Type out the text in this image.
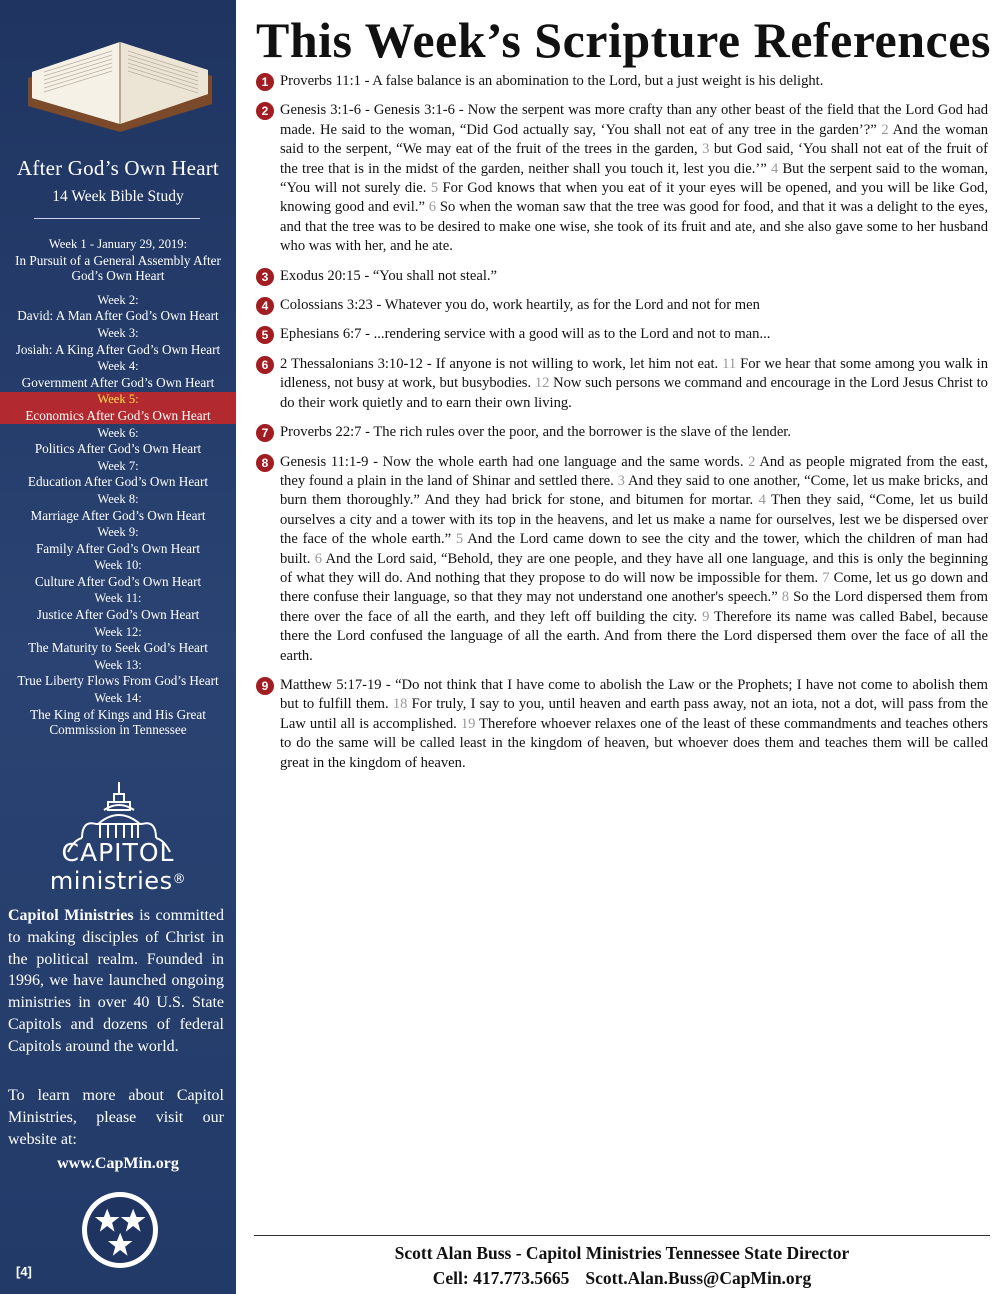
After God’s Own Heart
14 Week Bible Study
Week 1 - January 29, 2019:
In Pursuit of a General Assembly After God’s Own Heart
Week 2:
David: A Man After God’s Own Heart
Week 3:
Josiah: A King After God’s Own Heart
Week 4:
Government After God’s Own Heart
Week 5:
Economics After God’s Own Heart
Week 6:
Politics After God’s Own Heart
Week 7:
Education After God’s Own Heart
Week 8:
Marriage After God’s Own Heart
Week 9:
Family After God’s Own Heart
Week 10:
Culture After God’s Own Heart
Week 11:
Justice After God’s Own Heart
Week 12:
The Maturity to Seek God’s Heart
Week 13:
True Liberty Flows From God’s Heart
Week 14:
The King of Kings and His Great Commission in Tennessee
CAPITOL
ministries®

Capitol Ministries is committed to making disciples of Christ in the political realm. Founded in 1996, we have launched ongoing ministries in over 40 U.S. State Capitols and dozens of federal Capitols around the world.

To learn more about Capitol Ministries, please visit our website at:

www.CapMin.org
[4]
This Week’s Scripture References
1 Proverbs 11:1 - A false balance is an abomination to the Lord, but a just weight is his delight.
2 Genesis 3:1-6 - Genesis 3:1-6 - Now the serpent was more crafty than any other beast of the field that the Lord God had made. He said to the woman, “Did God actually say, ‘You shall not eat of any tree in the garden’?” 2 And the woman said to the serpent, “We may eat of the fruit of the trees in the garden, 3 but God said, ‘You shall not eat of the fruit of the tree that is in the midst of the garden, neither shall you touch it, lest you die.’” 4 But the serpent said to the woman, “You will not surely die. 5 For God knows that when you eat of it your eyes will be opened, and you will be like God, knowing good and evil.” 6 So when the woman saw that the tree was good for food, and that it was a delight to the eyes, and that the tree was to be desired to make one wise, she took of its fruit and ate, and she also gave some to her husband who was with her, and he ate.
3 Exodus 20:15 - “You shall not steal.”
4 Colossians 3:23 - Whatever you do, work heartily, as for the Lord and not for men
5 Ephesians 6:7 - ...rendering service with a good will as to the Lord and not to man...
6 2 Thessalonians 3:10-12 - If anyone is not willing to work, let him not eat. 11 For we hear that some among you walk in idleness, not busy at work, but busybodies. 12 Now such persons we command and encourage in the Lord Jesus Christ to do their work quietly and to earn their own living.
7 Proverbs 22:7 - The rich rules over the poor, and the borrower is the slave of the lender.
8 Genesis 11:1-9 - Now the whole earth had one language and the same words. 2 And as people migrated from the east, they found a plain in the land of Shinar and settled there. 3 And they said to one another, “Come, let us make bricks, and burn them thoroughly.” And they had brick for stone, and bitumen for mortar. 4 Then they said, “Come, let us build ourselves a city and a tower with its top in the heavens, and let us make a name for ourselves, lest we be dispersed over the face of the whole earth.” 5 And the Lord came down to see the city and the tower, which the children of man had built. 6 And the Lord said, “Behold, they are one people, and they have all one language, and this is only the beginning of what they will do. And nothing that they propose to do will now be impossible for them. 7 Come, let us go down and there confuse their language, so that they may not understand one another's speech.” 8 So the Lord dispersed them from there over the face of all the earth, and they left off building the city. 9 Therefore its name was called Babel, because there the Lord confused the language of all the earth. And from there the Lord dispersed them over the face of all the earth.
9 Matthew 5:17-19 - “Do not think that I have come to abolish the Law or the Prophets; I have not come to abolish them but to fulfill them. 18 For truly, I say to you, until heaven and earth pass away, not an iota, not a dot, will pass from the Law until all is accomplished. 19 Therefore whoever relaxes one of the least of these commandments and teaches others to do the same will be called least in the kingdom of heaven, but whoever does them and teaches them will be called great in the kingdom of heaven.
Scott Alan Buss - Capitol Ministries Tennessee State Director
Cell: 417.773.5665 Scott.Alan.Buss@CapMin.org
